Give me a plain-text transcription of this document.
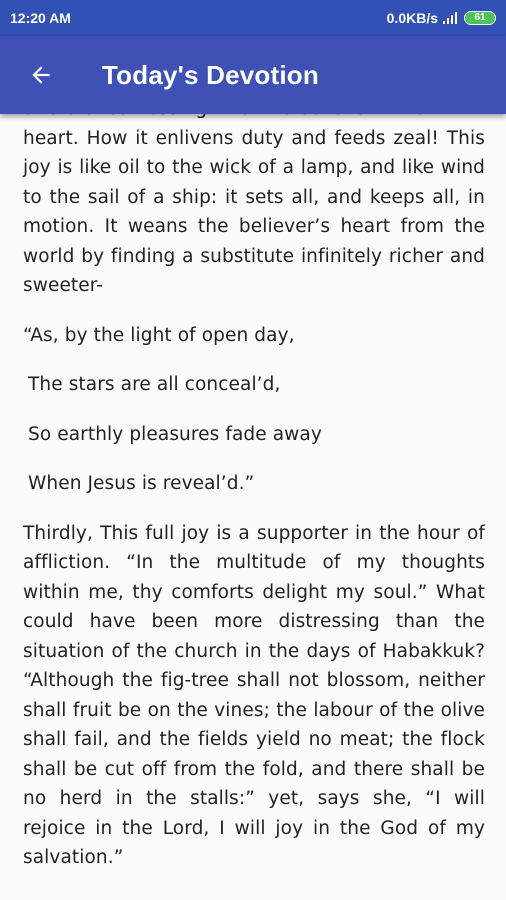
12:20 AM	0.0KB/s	61
Today's Devotion

heart. How it enlivens duty and feeds zeal! This joy is like oil to the wick of a lamp, and like wind to the sail of a ship: it sets all, and keeps all, in motion. It weans the believer’s heart from the world by finding a substitute infinitely richer and sweeter-

“As, by the light of open day,

The stars are all conceal’d,

So earthly pleasures fade away

When Jesus is reveal’d.”

Thirdly, This full joy is a supporter in the hour of affliction. “In the multitude of my thoughts within me, thy comforts delight my soul.” What could have been more distressing than the situation of the church in the days of Habakkuk? “Although the fig-tree shall not blossom, neither shall fruit be on the vines; the labour of the olive shall fail, and the fields yield no meat; the flock shall be cut off from the fold, and there shall be no herd in the stalls:” yet, says she, “I will rejoice in the Lord, I will joy in the God of my salvation.”
